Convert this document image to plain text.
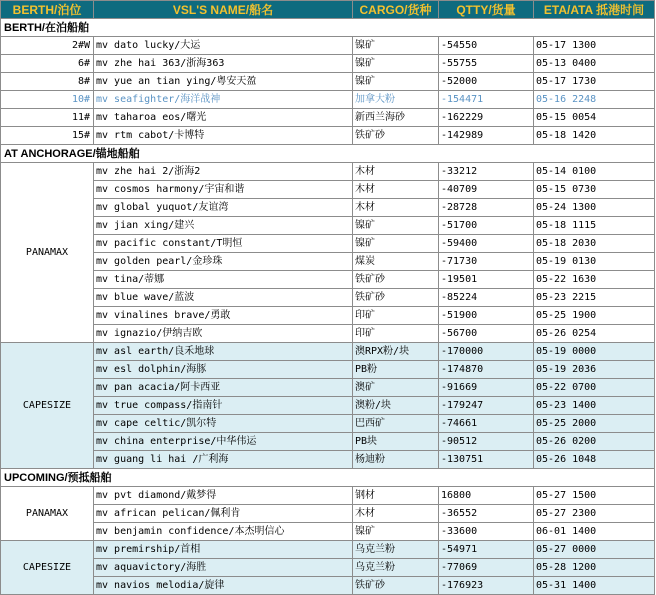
BERTH/泊位	VSL'S NAME/船名	CARGO/货种	QTTY/货量	ETA/ATA 抵港时间
BERTH/在泊船舶				
2#W	mv dato lucky/大运	镍矿	-54550	05-17 1300
6#	mv zhe hai 363/浙海363	镍矿	-55755	05-13 0400
8#	mv yue an tian ying/粤安天盈	镍矿	-52000	05-17 1730
10#	mv seafighter/海洋战神	加拿大粉	-154471	05-16 2248
11#	mv taharoa eos/曙光	新西兰海砂	-162229	05-15 0054
15#	mv rtm cabot/卡博特	铁矿砂	-142989	05-18 1420
AT ANCHORAGE/锚地船舶				
PANAMAX	mv zhe hai 2/浙海2	木材	-33212	05-14 0100
	mv cosmos harmony/宇宙和谐	木材	-40709	05-15 0730
	mv global yuquot/友谊湾	木材	-28728	05-24 1300
	mv jian xing/建兴	镍矿	-51700	05-18 1115
	mv pacific constant/T明恒	镍矿	-59400	05-18 2030
	mv golden pearl/金珍珠	煤炭	-71730	05-19 0130
	mv tina/蒂娜	铁矿砂	-19501	05-22 1630
	mv blue wave/蓝波	铁矿砂	-85224	05-23 2215
	mv vinalines brave/勇敢	印矿	-51900	05-25 1900
	mv ignazio/伊纳吉欧	印矿	-56700	05-26 0254
CAPESIZE	mv asl earth/良禾地球	澳RPX粉/块	-170000	05-19 0000
	mv esl dolphin/海豚	PB粉	-174870	05-19 2036
	mv pan acacia/阿卡西亚	澳矿	-91669	05-22 0700
	mv true compass/指南针	澳粉/块	-179247	05-23 1400
	mv cape celtic/凯尔特	巴西矿	-74661	05-25 2000
	mv china enterprise/中华伟运	PB块	-90512	05-26 0200
	mv guang li hai /广利海	杨迪粉	-130751	05-26 1048
UPCOMING/预抵船舶				
PANAMAX	mv pvt diamond/戴梦得	钢材	16800	05-27 1500
	mv african pelican/佩利肯	木材	-36552	05-27 2300
	mv benjamin confidence/本杰明信心	镍矿	-33600	06-01 1400
CAPESIZE	mv premirship/首相	乌克兰粉	-54971	05-27 0000
	mv aquavictory/海胜	乌克兰粉	-77069	05-28 1200
	mv navios melodia/旋律	铁矿砂	-176923	05-31 1400
